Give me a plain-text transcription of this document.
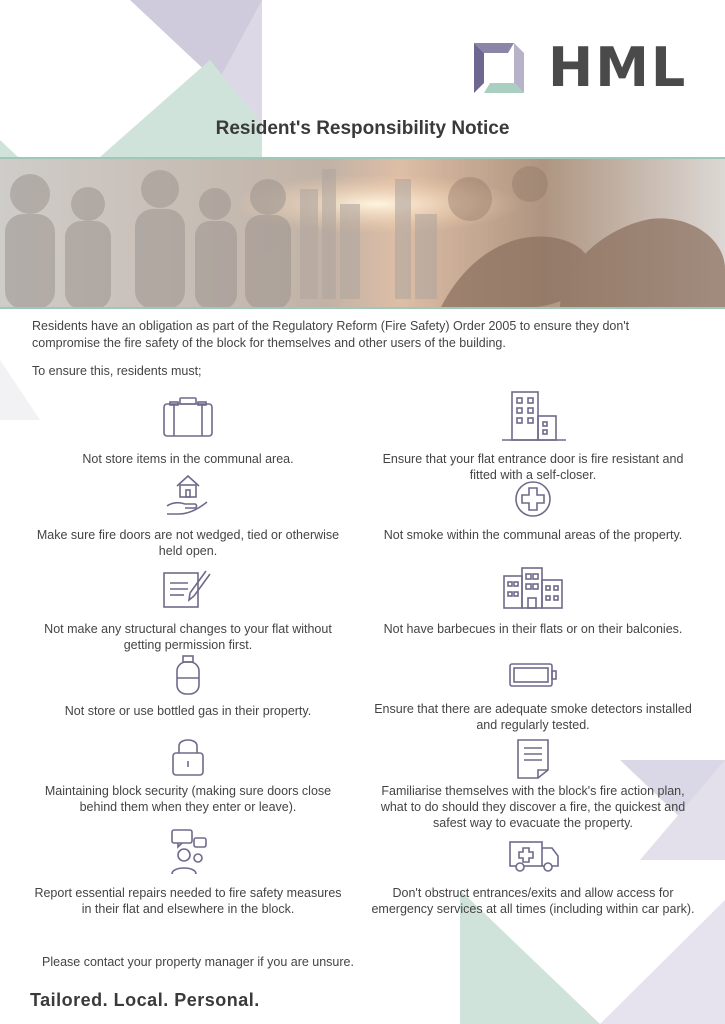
HML
Resident's Responsibility Notice
Residents have an obligation as part of the Regulatory Reform (Fire Safety) Order 2005 to ensure they don't compromise the fire safety of the block for themselves and other users of the building.
To ensure this, residents must;
Not store items in the communal area.
Make sure fire doors are not wedged, tied or otherwise held open.
Not make any structural changes to your flat without getting permission first.
Not store or use bottled gas in their property.
Maintaining block security (making sure doors close behind them when they enter or leave).
Report essential repairs needed to fire safety measures in their flat and elsewhere in the block.
Ensure that your flat entrance door is fire resistant and fitted with a self-closer.
Not smoke within the communal areas of the property.
Not have barbecues in their flats or on their balconies.
Ensure that there are adequate smoke detectors installed and regularly tested.
Familiarise themselves with the block's fire action plan, what to do should they discover a fire, the quickest and safest way to evacuate the property.
Don't obstruct entrances/exits and allow access for emergency services at all times (including within car park).
Please contact your property manager if you are unsure.
Tailored. Local. Personal.
